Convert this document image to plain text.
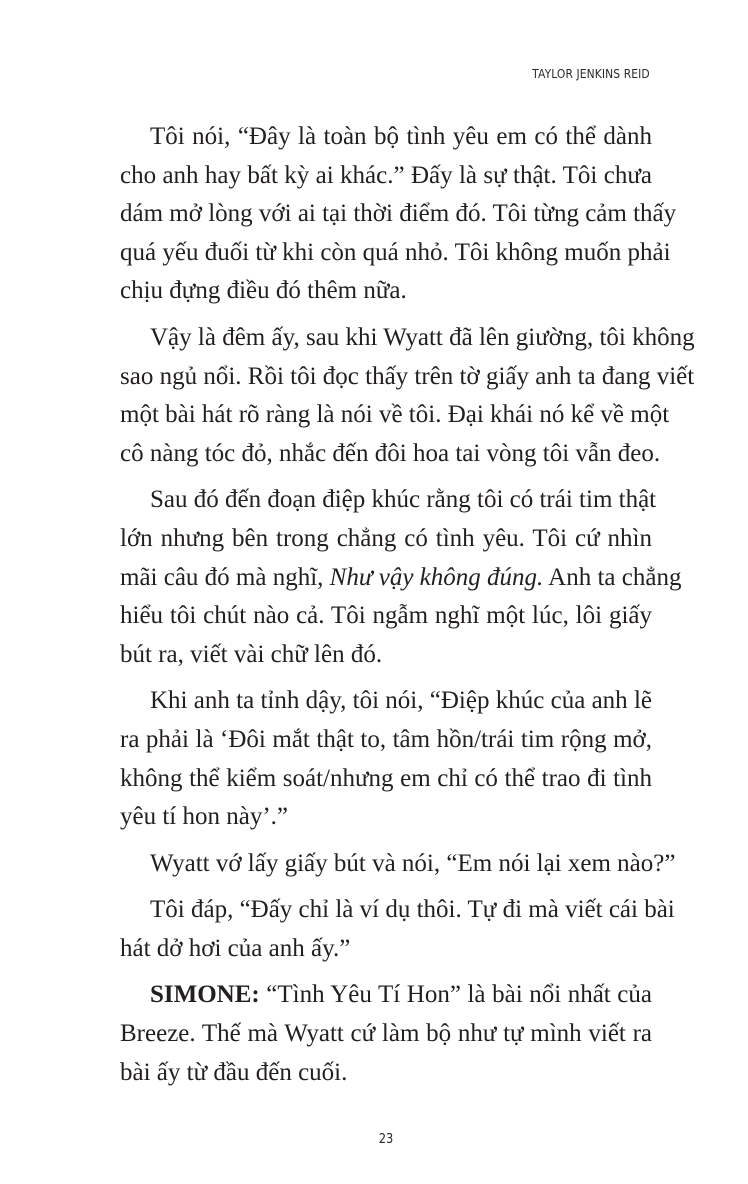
TAYLOR JENKINS REID
Tôi nói, “Đây là toàn bộ tình yêu em có thể dành
cho anh hay bất kỳ ai khác.” Đấy là sự thật. Tôi chưa
dám mở lòng với ai tại thời điểm đó. Tôi từng cảm thấy
quá yếu đuối từ khi còn quá nhỏ. Tôi không muốn phải
chịu đựng điều đó thêm nữa.
Vậy là đêm ấy, sau khi Wyatt đã lên giường, tôi không
sao ngủ nổi. Rồi tôi đọc thấy trên tờ giấy anh ta đang viết
một bài hát rõ ràng là nói về tôi. Đại khái nó kể về một
cô nàng tóc đỏ, nhắc đến đôi hoa tai vòng tôi vẫn đeo.
Sau đó đến đoạn điệp khúc rằng tôi có trái tim thật
lớn nhưng bên trong chẳng có tình yêu. Tôi cứ nhìn
mãi câu đó mà nghĩ, Như vậy không đúng. Anh ta chẳng
hiểu tôi chút nào cả. Tôi ngẫm nghĩ một lúc, lôi giấy
bút ra, viết vài chữ lên đó.
Khi anh ta tỉnh dậy, tôi nói, “Điệp khúc của anh lẽ
ra phải là ‘Đôi mắt thật to, tâm hồn/trái tim rộng mở,
không thể kiểm soát/nhưng em chỉ có thể trao đi tình
yêu tí hon này’.”
Wyatt vớ lấy giấy bút và nói, “Em nói lại xem nào?”
Tôi đáp, “Đấy chỉ là ví dụ thôi. Tự đi mà viết cái bài
hát dở hơi của anh ấy.”
SIMONE: “Tình Yêu Tí Hon” là bài nổi nhất của
Breeze. Thế mà Wyatt cứ làm bộ như tự mình viết ra
bài ấy từ đầu đến cuối.
23
